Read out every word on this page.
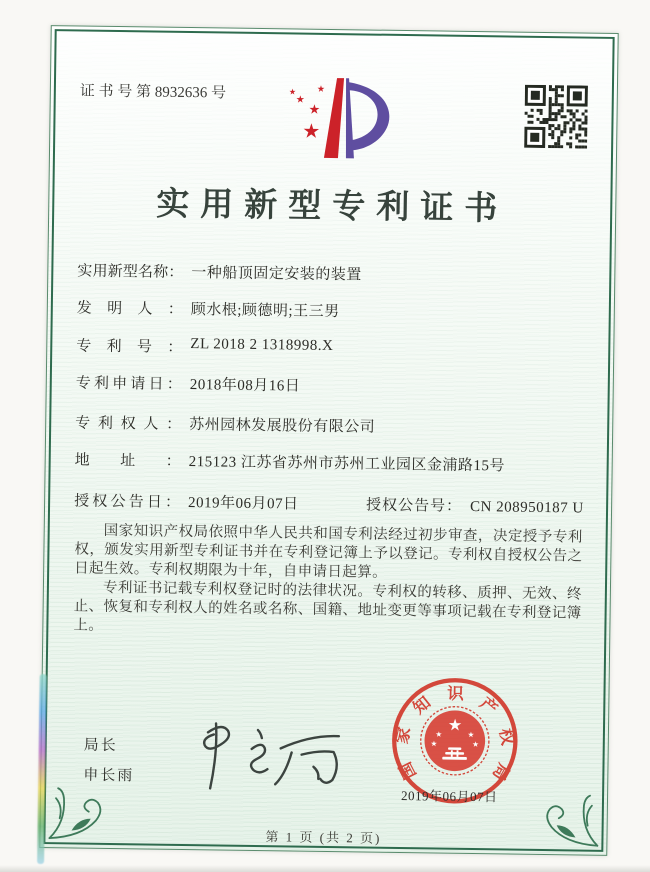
证 书 号 第 8932636 号
★
★
★
★ ★
实用新型专利证书
实用新型名称： 一种船顶固定安装的装置
发明人： 顾水根;顾德明;王三男
专利号： ZL 2018 2 1318998.X
专利申请日： 2018年08月16日
专利权人： 苏州园林发展股份有限公司
地址： 215123 江苏省苏州市苏州工业园区金浦路15号
授权公告日： 2019年06月07日	授权公告号： CN 208950187 U

国家知识产权局依照中华人民共和国专利法经过初步审查，决定授予专利权，颁发实用新型专利证书并在专利登记簿上予以登记。专利权自授权公告之日起生效。专利权期限为十年，自申请日起算。

专利证书记载专利权登记时的法律状况。专利权的转移、质押、无效、终止、恢复和专利权人的姓名或名称、国籍、地址变更等事项记载在专利登记簿上。

局长
申长雨	国
家
知 识 产
权
局
★
★	★
★	★
2019年06月07日
第 1 页 (共 2 页)
